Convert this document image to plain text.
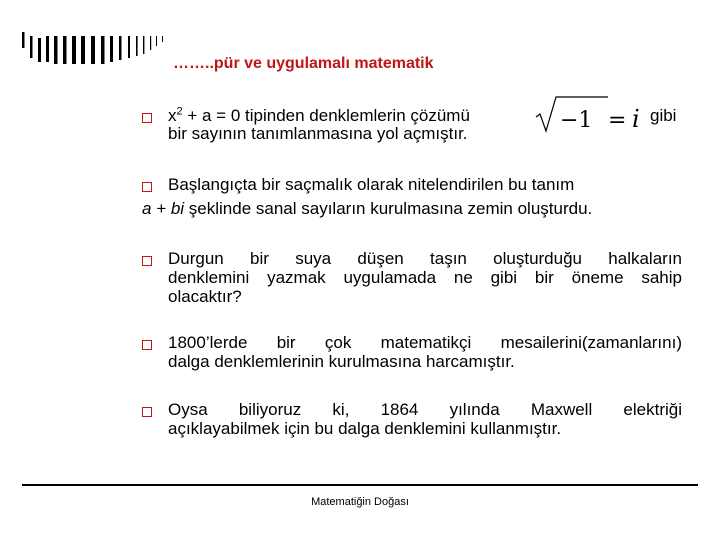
……..pür ve uygulamalı matematik
$x^2 + a = 0$ tipinden denklemlerin çözümü	gibi
bir sayının tanımlanmasına yol açmıştır.
−1 = i
Başlangıçta bir saçmalık olarak nitelendirilen bu tanım
a + bi şeklinde sanal sayıların kurulmasına zemin oluşturdu.
Durgun bir suya düşen taşın oluşturduğu halkaların
denklemini yazmak uygulamada ne gibi bir öneme sahip
olacaktır?
1800’lerde bir çok matematikçi mesailerini(zamanlarını)
dalga denklemlerinin kurulmasına harcamıştır.
Oysa biliyoruz ki, 1864 yılında Maxwell elektriği
açıklayabilmek için bu dalga denklemini kullanmıştır.
Matematiğin Doğası
